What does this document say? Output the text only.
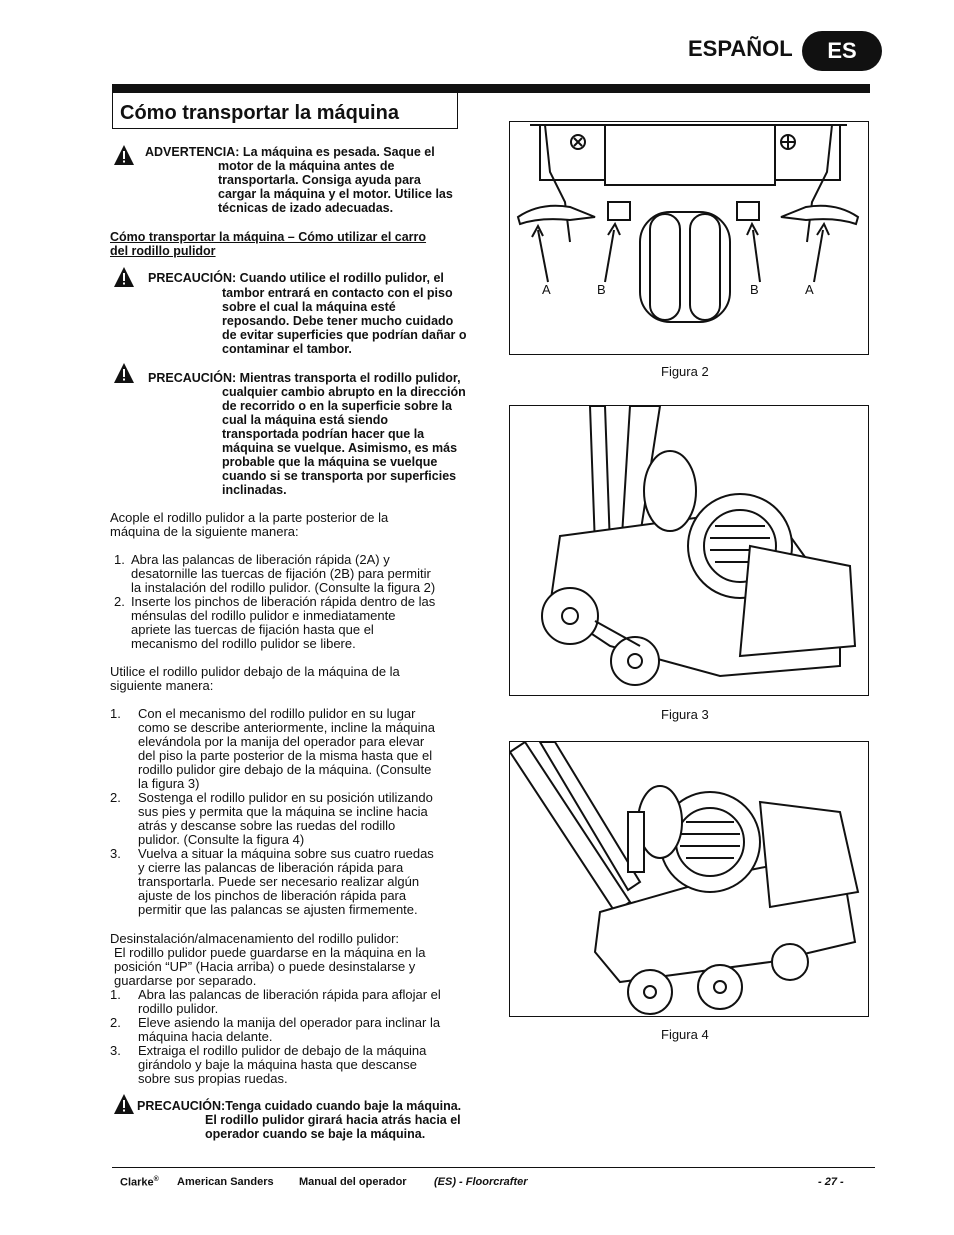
ESPAÑOL	ES
Cómo transportar la máquina
ADVERTENCIA: La máquina es pesada. Saque el
motor de la máquina antes de
transportarla. Consiga ayuda para
cargar la máquina y el motor. Utilice las
técnicas de izado adecuadas.
Cómo transportar la máquina – Cómo utilizar el carro
del rodillo pulidor
PRECAUCIÓN: Cuando utilice el rodillo pulidor, el
tambor entrará en contacto con el piso
sobre el cual la máquina esté
reposando. Debe tener mucho cuidado
de evitar superficies que podrían dañar o
contaminar el tambor.
PRECAUCIÓN: Mientras transporta el rodillo pulidor,
cualquier cambio abrupto en la dirección
de recorrido o en la superficie sobre la
cual la máquina está siendo
transportada podrían hacer que la
máquina se vuelque. Asimismo, es más
probable que la máquina se vuelque
cuando si se transporta por superficies
inclinadas.
Acople el rodillo pulidor a la parte posterior de la
máquina de la siguiente manera:
1. Abra las palancas de liberación rápida (2A) y
desatornille las tuercas de fijación (2B) para permitir
la instalación del rodillo pulidor. (Consulte la figura 2)
2. Inserte los pinchos de liberación rápida dentro de las
ménsulas del rodillo pulidor e inmediatamente
apriete las tuercas de fijación hasta que el
mecanismo del rodillo pulidor se libere.
Utilice el rodillo pulidor debajo de la máquina de la
siguiente manera:
1.	Con el mecanismo del rodillo pulidor en su lugar
como se describe anteriormente, incline la máquina
elevándola por la manija del operador para elevar
del piso la parte posterior de la misma hasta que el
rodillo pulidor gire debajo de la máquina. (Consulte
la figura 3)
2.	Sostenga el rodillo pulidor en su posición utilizando
sus pies y permita que la máquina se incline hacia
atrás y descanse sobre las ruedas del rodillo
pulidor. (Consulte la figura 4)
3.	Vuelva a situar la máquina sobre sus cuatro ruedas
y cierre las palancas de liberación rápida para
transportarla. Puede ser necesario realizar algún
ajuste de los pinchos de liberación rápida para
permitir que las palancas se ajusten firmemente.
Desinstalación/almacenamiento del rodillo pulidor:
El rodillo pulidor puede guardarse en la máquina en la
posición “UP” (Hacia arriba) o puede desinstalarse y
guardarse por separado.
1.	Abra las palancas de liberación rápida para aflojar el
rodillo pulidor.
2.	Eleve asiendo la manija del operador para inclinar la
máquina hacia delante.
3.	Extraiga el rodillo pulidor de debajo de la máquina
girándolo y baje la máquina hasta que descanse
sobre sus propias ruedas.
PRECAUCIÓN:Tenga cuidado cuando baje la máquina.
El rodillo pulidor girará hacia atrás hacia el
operador cuando se baje la máquina.
A	B	B	A
Figura 2
Figura 3
Figura 4
Clarke® American Sanders Manual del operador (ES) - Floorcrafter	- 27 -
